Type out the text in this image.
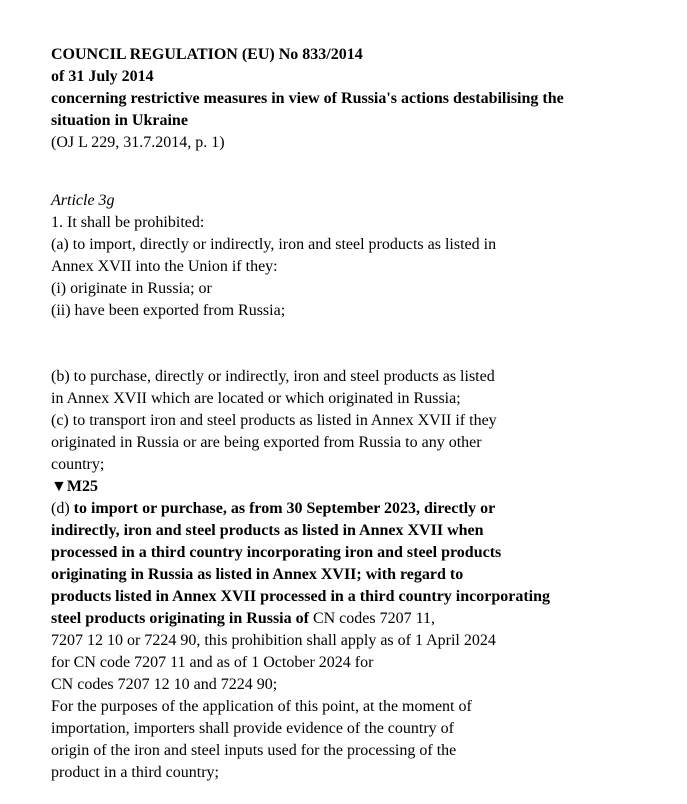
COUNCIL REGULATION (EU) No 833/2014
of 31 July 2014
concerning restrictive measures in view of Russia's actions destabilising the
situation in Ukraine
(OJ L 229, 31.7.2014, p. 1)
Article 3g
1. It shall be prohibited:
(a) to import, directly or indirectly, iron and steel products as listed in
Annex XVII into the Union if they:
(i) originate in Russia; or
(ii) have been exported from Russia;
(b) to purchase, directly or indirectly, iron and steel products as listed
in Annex XVII which are located or which originated in Russia;
(c) to transport iron and steel products as listed in Annex XVII if they
originated in Russia or are being exported from Russia to any other
country;
▼M25
(d) to import or purchase, as from 30 September 2023, directly or
indirectly, iron and steel products as listed in Annex XVII when
processed in a third country incorporating iron and steel products
originating in Russia as listed in Annex XVII; with regard to
products listed in Annex XVII processed in a third country incorporating
steel products originating in Russia of CN codes 7207 11,
7207 12 10 or 7224 90, this prohibition shall apply as of 1 April 2024
for CN code 7207 11 and as of 1 October 2024 for
CN codes 7207 12 10 and 7224 90;
For the purposes of the application of this point, at the moment of
importation, importers shall provide evidence of the country of
origin of the iron and steel inputs used for the processing of the
product in a third country;
